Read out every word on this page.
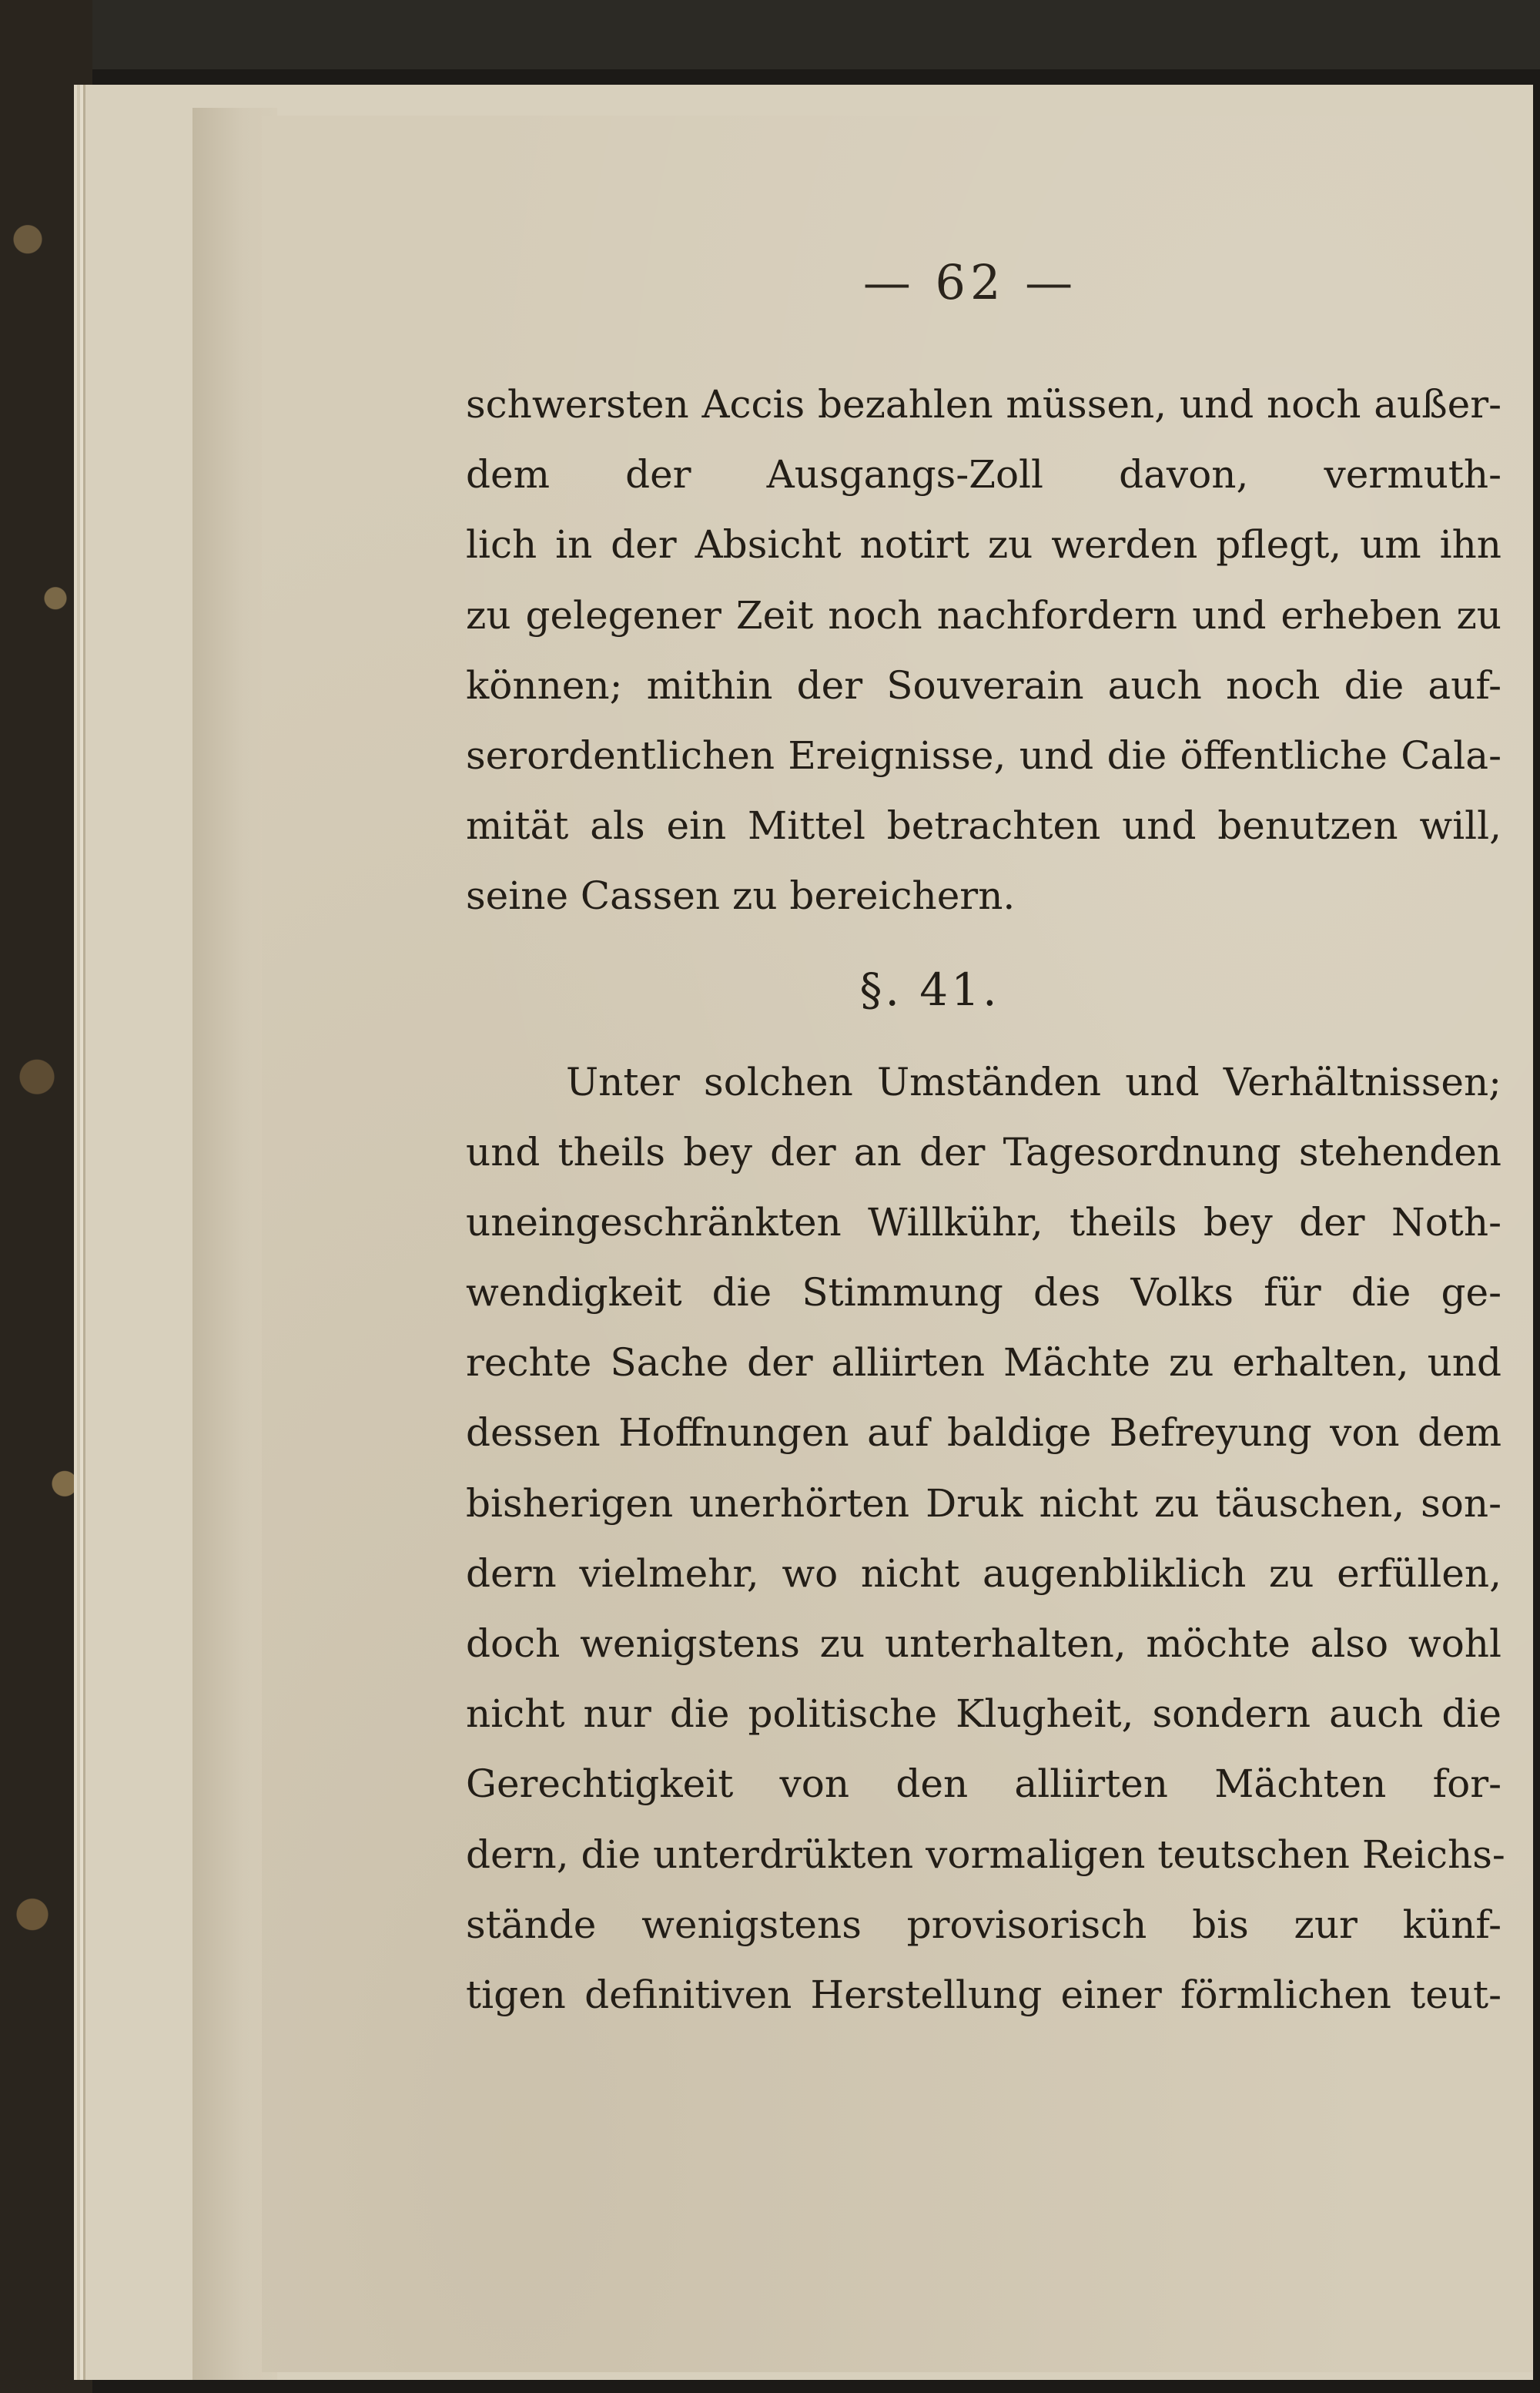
— 62 —
schwersten Accis bezahlen müssen, und noch außer-
dem der Ausgangs-Zoll davon, vermuth-
lich in der Absicht notirt zu werden pflegt, um ihn
zu gelegener Zeit noch nachfordern und erheben zu
können; mithin der Souverain auch noch die auf-
serordentlichen Ereignisse, und die öffentliche Cala-
mität als ein Mittel betrachten und benutzen will,
seine Cassen zu bereichern.
§. 41.
Unter solchen Umständen und Verhältnissen;
und theils bey der an der Tagesordnung stehenden
uneingeschränkten Willkühr, theils bey der Noth-
wendigkeit die Stimmung des Volks für die ge-
rechte Sache der alliirten Mächte zu erhalten, und
dessen Hoffnungen auf baldige Befreyung von dem
bisherigen unerhörten Druk nicht zu täuschen, son-
dern vielmehr, wo nicht augenbliklich zu erfüllen,
doch wenigstens zu unterhalten, möchte also wohl
nicht nur die politische Klugheit, sondern auch die
Gerechtigkeit von den alliirten Mächten for-
dern, die unterdrükten vormaligen teutschen Reichs-
stände wenigstens provisorisch bis zur künf-
tigen definitiven Herstellung einer förmlichen teut-
